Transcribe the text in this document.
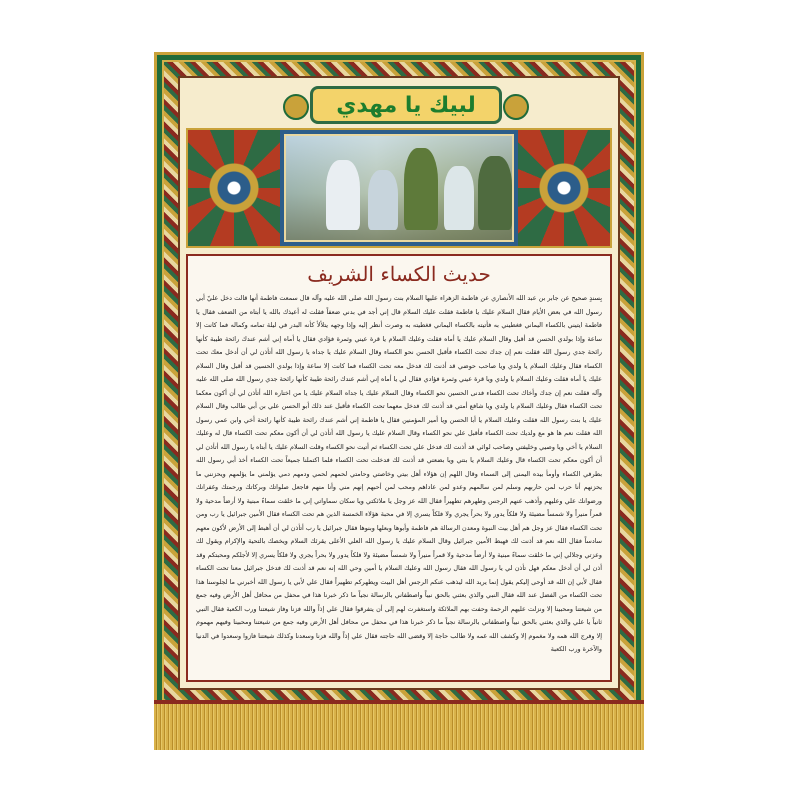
لبيك يا مهدي
حديث الكساء الشريف
بِسندٍ صحيح عن جابر بن عبد الله الأنصاري عن فاطمة الزهراء عليها السلام بنت رسول الله صلى الله عليه وآله قال سمعت فاطمة أنها قالت دخل عليّ أبي رسول الله في بعض الأيام فقال السلام عليك يا فاطمة فقلت عليك السلام قال إني أجد في بدني ضعفاً فقلت له أعيذك بالله يا أبتاه من الضعف فقال يا فاطمة ايتيني بالكساء اليماني فغطيني به فأتيته بالكساء اليماني فغطيته به وصرت أنظر إليه وإذا وجهه يتلألأ كأنه البدر في ليلة تمامه وكماله فما كانت إلا ساعة وإذا بولدي الحسن قد أقبل وقال السلام عليك يا أماه فقلت وعليك السلام يا قرة عيني وثمرة فؤادي فقال يا أماه إني أشم عندك رائحة طيبة كأنها رائحة جدي رسول الله فقلت نعم إن جدك تحت الكساء فأقبل الحسن نحو الكساء وقال السلام عليك يا جداه يا رسول الله أتأذن لي أن أدخل معك تحت الكساء فقال وعليك السلام يا ولدي ويا صاحب حوضي قد أذنت لك فدخل معه تحت الكساء فما كانت إلا ساعة وإذا بولدي الحسين قد أقبل وقال السلام عليك يا أماه فقلت وعليك السلام يا ولدي ويا قرة عيني وثمرة فؤادي فقال لي يا أماه إني أشم عندك رائحة طيبة كأنها رائحة جدي رسول الله صلى الله عليه وآله فقلت نعم إن جدك وأخاك تحت الكساء فدنى الحسين نحو الكساء وقال السلام عليك يا جداه السلام عليك يا من اختاره الله أتأذن لي أن أكون معكما تحت الكساء فقال وعليك السلام يا ولدي ويا شافع أمتي قد أذنت لك فدخل معهما تحت الكساء فأقبل عند ذلك أبو الحسن علي بن أبي طالب وقال السلام عليك يا بنت رسول الله فقلت وعليك السلام يا أبا الحسن ويا أمير المؤمنين فقال يا فاطمة إني أشم عندك رائحة طيبة كأنها رائحة أخي وابن عمي رسول الله فقلت نعم ها هو مع ولديك تحت الكساء فأقبل علي نحو الكساء وقال السلام عليك يا رسول الله أتأذن لي أن أكون معكم تحت الكساء قال له وعليك السلام يا أخي ويا وصيي وخليفتي وصاحب لوائي قد أذنت لك فدخل علي تحت الكساء ثم أتيت نحو الكساء وقلت السلام عليك يا أبتاه يا رسول الله أتأذن لي أن أكون معكم تحت الكساء قال وعليك السلام يا بنتي ويا بضعتي قد أذنت لك فدخلت تحت الكساء فلما اكتملنا جميعاً تحت الكساء أخذ أبي رسول الله بطرفي الكساء وأومأ بيده اليمنى إلى السماء وقال اللهم إن هؤلاء أهل بيتي وخاصتي وحامتي لحمهم لحمي ودمهم دمي يؤلمني ما يؤلمهم ويحزنني ما يحزنهم أنا حرب لمن حاربهم وسلم لمن سالمهم وعدو لمن عاداهم ومحب لمن أحبهم إنهم مني وأنا منهم فاجعل صلواتك وبركاتك ورحمتك وغفرانك ورضوانك علي وعليهم وأذهب عنهم الرجس وطهرهم تطهيراً فقال الله عز وجل يا ملائكتي ويا سكان سماواتي إني ما خلقت سماءً مبنية ولا أرضاً مدحية ولا قمراً منيراً ولا شمساً مضيئة ولا فلكاً يدور ولا بحراً يجري ولا فلكاً يسري إلا في محبة هؤلاء الخمسة الذين هم تحت الكساء فقال الأمين جبرائيل يا رب ومن تحت الكساء فقال عز وجل هم أهل بيت النبوة ومعدن الرسالة هم فاطمة وأبوها وبعلها وبنوها فقال جبرائيل يا رب أتأذن لي أن أهبط إلى الأرض لأكون معهم سادساً فقال الله نعم قد أذنت لك فهبط الأمين جبرائيل وقال السلام عليك يا رسول الله العلي الأعلى يقرئك السلام ويخصك بالتحية والإكرام ويقول لك وعزتي وجلالي إني ما خلقت سماءً مبنية ولا أرضاً مدحية ولا قمراً منيراً ولا شمساً مضيئة ولا فلكاً يدور ولا بحراً يجري ولا فلكاً يسري إلا لأجلكم ومحبتكم وقد أذن لي أن أدخل معكم فهل تأذن لي يا رسول الله فقال رسول الله وعليك السلام يا أمين وحي الله إنه نعم قد أذنت لك فدخل جبرائيل معنا تحت الكساء فقال لأبي إن الله قد أوحى إليكم يقول إنما يريد الله ليذهب عنكم الرجس أهل البيت ويطهركم تطهيراً فقال علي لأبي يا رسول الله أخبرني ما لجلوسنا هذا تحت الكساء من الفضل عند الله فقال النبي والذي بعثني بالحق نبياً واصطفاني بالرسالة نجياً ما ذكر خبرنا هذا في محفل من محافل أهل الأرض وفيه جمع من شيعتنا ومحبينا إلا ونزلت عليهم الرحمة وحفت بهم الملائكة واستغفرت لهم إلى أن يتفرقوا فقال علي إذاً والله فزنا وفاز شيعتنا ورب الكعبة فقال النبي ثانياً يا علي والذي بعثني بالحق نبياً واصطفاني بالرسالة نجياً ما ذكر خبرنا هذا في محفل من محافل أهل الأرض وفيه جمع من شيعتنا ومحبينا وفيهم مهموم إلا وفرج الله همه ولا مغموم إلا وكشف الله غمه ولا طالب حاجة إلا وقضى الله حاجته فقال علي إذاً والله فزنا وسعدنا وكذلك شيعتنا فازوا وسعدوا في الدنيا والآخرة ورب الكعبة
